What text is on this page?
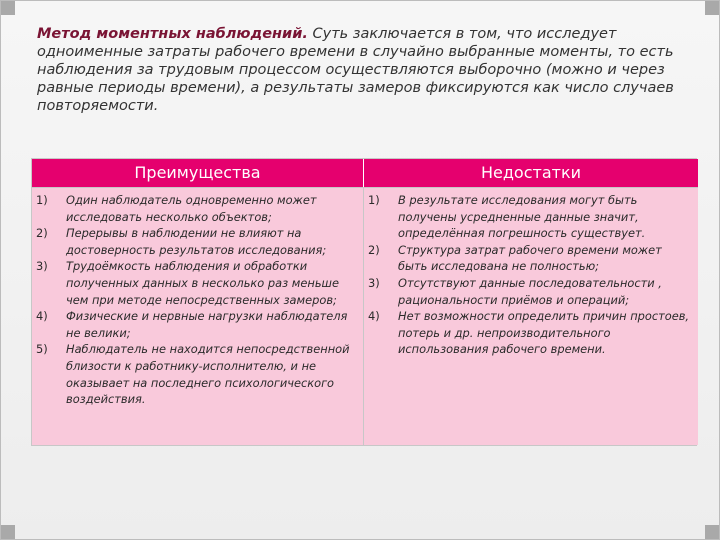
Метод моментных наблюдений. Суть заключается в том, что исследует одноименные затраты рабочего времени в случайно выбранные моменты, то есть наблюдения за трудовым процессом осуществляются выборочно (можно и через равные периоды времени), а результаты замеров фиксируются как число случаев повторяемости.

Преимущества	Недостатки
1) Один наблюдатель одновременно может исследовать несколько объектов;
2) Перерывы в наблюдении не влияют на достоверность результатов исследования;
3) Трудоёмкость наблюдения и обработки полученных данных в несколько раз меньше чем при методе непосредственных замеров;
4) Физические и нервные нагрузки наблюдателя не велики;
5) Наблюдатель не находится непосредственной близости к работнику-исполнителю, и не оказывает на последнего психологического воздействия.
1) В результате исследования могут быть получены усредненные данные значит, определённая погрешность существует.
2) Структура затрат рабочего времени может быть исследована не полностью;
3) Отсутствуют данные последовательности , рациональности приёмов и операций;
4) Нет возможности определить причин простоев, потерь и др. непроизводительного использования рабочего времени.
